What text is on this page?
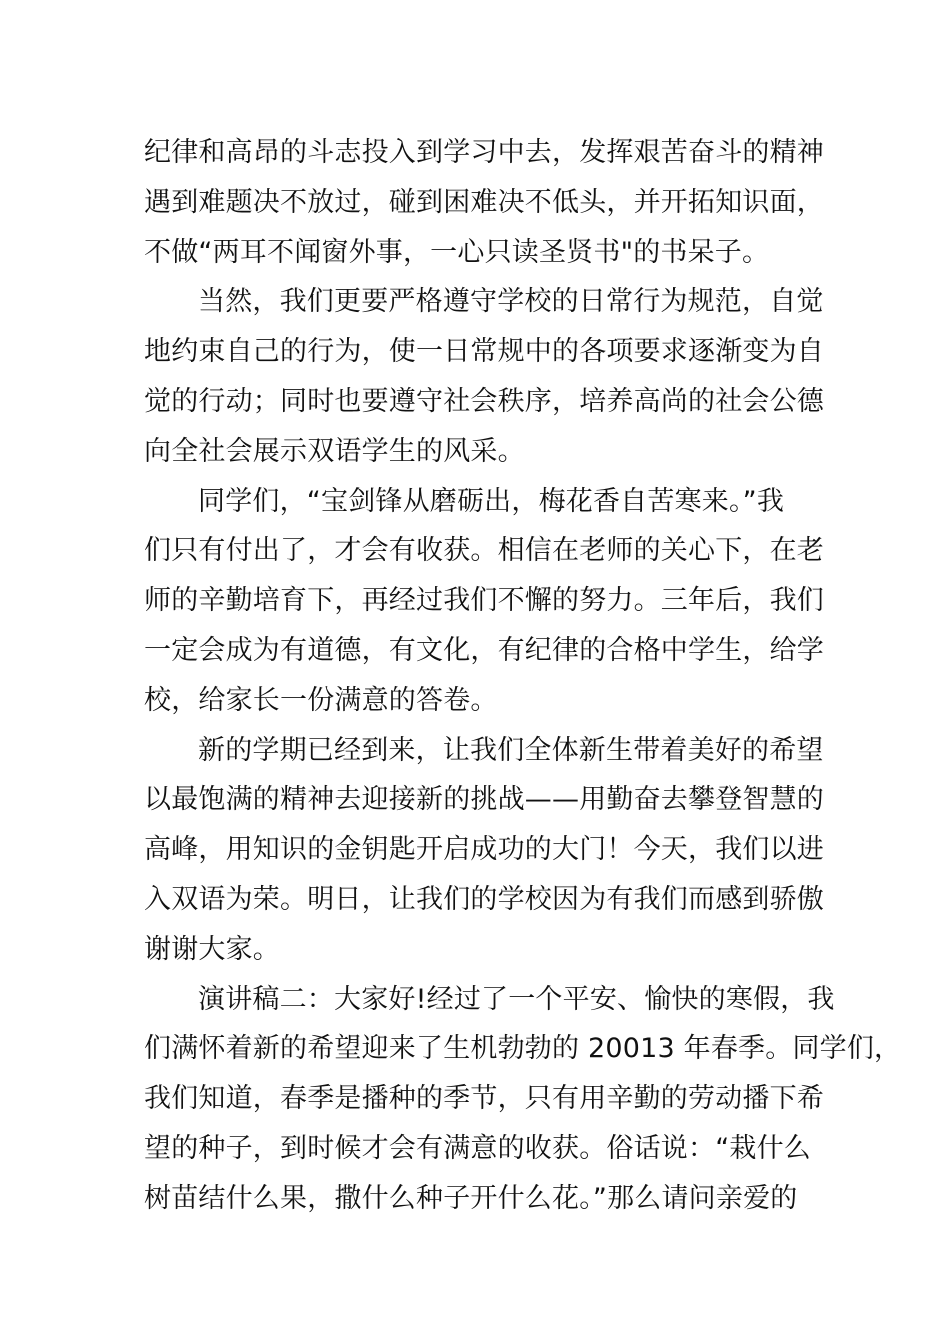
纪律和高昂的斗志投入到学习中去，发挥艰苦奋斗的精神
遇到难题决不放过，碰到困难决不低头，并开拓知识面，
不做“两耳不闻窗外事，一心只读圣贤书"的书呆子。
当然，我们更要严格遵守学校的日常行为规范，自觉
地约束自己的行为，使一日常规中的各项要求逐渐变为自
觉的行动；同时也要遵守社会秩序，培养高尚的社会公德
向全社会展示双语学生的风采。
同学们，“宝剑锋从磨砺出，梅花香自苦寒来。”我
们只有付出了，才会有收获。相信在老师的关心下，在老
师的辛勤培育下，再经过我们不懈的努力。三年后，我们
一定会成为有道德，有文化，有纪律的合格中学生，给学
校，给家长一份满意的答卷。
新的学期已经到来，让我们全体新生带着美好的希望
以最饱满的精神去迎接新的挑战——用勤奋去攀登智慧的
高峰，用知识的金钥匙开启成功的大门！今天，我们以进
入双语为荣。明日，让我们的学校因为有我们而感到骄傲
谢谢大家。
演讲稿二：大家好!经过了一个平安、愉快的寒假，我
们满怀着新的希望迎来了生机勃勃的 20013 年春季。同学们，
我们知道，春季是播种的季节，只有用辛勤的劳动播下希
望的种子，到时候才会有满意的收获。俗话说：“栽什么
树苗结什么果，撒什么种子开什么花。”那么请问亲爱的
